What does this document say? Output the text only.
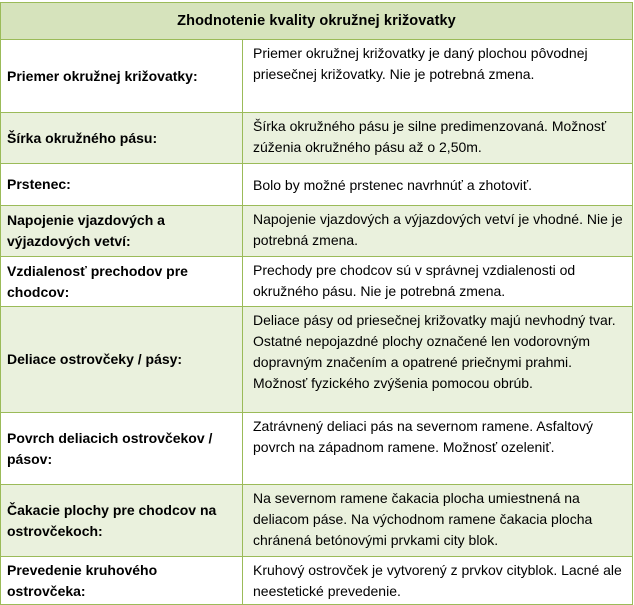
Zhodnotenie kvality okružnej križovatky	
Priemer okružnej križovatky:	Priemer okružnej križovatky je daný plochou pôvodnej priesečnej križovatky. Nie je potrebná zmena.
Šírka okružného pásu:	Šírka okružného pásu je silne predimenzovaná. Možnosť zúženia okružného pásu až o 2,50m.
Prstenec:	Bolo by možné prstenec navrhnúť a zhotoviť.
Napojenie vjazdových a výjazdových vetví:	Napojenie vjazdových a výjazdových vetví je vhodné. Nie je potrebná zmena.
Vzdialenosť prechodov pre chodcov:	Prechody pre chodcov sú v správnej vzdialenosti od okružného pásu. Nie je potrebná zmena.
Deliace ostrovčeky / pásy:	Deliace pásy od priesečnej križovatky majú nevhodný tvar. Ostatné nepojazdné plochy označené len vodorovným dopravným značením a opatrené priečnymi prahmi. Možnosť fyzického zvýšenia pomocou obrúb.
Povrch deliacich ostrovčekov / pásov:	Zatrávnený deliaci pás na severnom ramene. Asfaltový povrch na západnom ramene. Možnosť ozeleniť.
Čakacie plochy pre chodcov na ostrovčekoch:	Na severnom ramene čakacia plocha umiestnená na deliacom páse. Na východnom ramene čakacia plocha chránená betónovými prvkami city blok.
Prevedenie kruhového ostrovčeka:	Kruhový ostrovček je vytvorený z prvkov cityblok. Lacné ale neestetické prevedenie.
